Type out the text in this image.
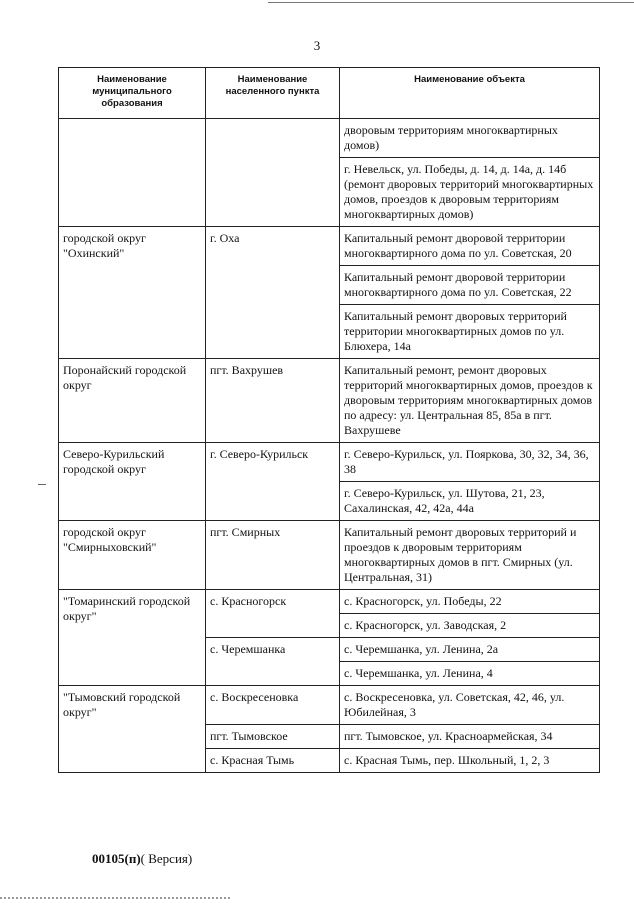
3
Наименование муниципального образования	Наименование населенного пункта	Наименование объекта
		дворовым территориям многоквартирных домов)
		г. Невельск, ул. Победы, д. 14, д. 14а, д. 14б (ремонт дворовых территорий многоквартирных домов, проездов к дворовым территориям многоквартирных домов)
городской округ "Охинский"	г. Оха	Капитальный ремонт дворовой территории многоквартирного дома по ул. Советская, 20
		Капитальный ремонт дворовой территории многоквартирного дома по ул. Советская, 22
		Капитальный ремонт дворовых территорий территории многоквартирных домов по ул. Блюхера, 14а
Поронайский городской округ	пгт. Вахрушев	Капитальный ремонт, ремонт дворовых территорий многоквартирных домов, проездов к дворовым территориям многоквартирных домов по адресу: ул. Центральная 85, 85а в пгт. Вахрушеве
Северо-Курильский городской округ	г. Северо-Курильск	г. Северо-Курильск, ул. Пояркова, 30, 32, 34, 36, 38
		г. Северо-Курильск, ул. Шутова, 21, 23, Сахалинская, 42, 42а, 44а
городской округ "Смирныховский"	пгт. Смирных	Капитальный ремонт дворовых территорий и проездов к дворовым территориям многоквартирных домов в пгт. Смирных (ул. Центральная, 31)
"Томаринский городской округ"	с. Красногорск	с. Красногорск, ул. Победы, 22
		с. Красногорск, ул. Заводская, 2
	с. Черемшанка	с. Черемшанка, ул. Ленина, 2а
		с. Черемшанка, ул. Ленина, 4
"Тымовский городской округ"	с. Воскресеновка	с. Воскресеновка, ул. Советская, 42, 46, ул. Юбилейная, 3
	пгт. Тымовское	пгт. Тымовское, ул. Красноармейская, 34
	с. Красная Тымь	с. Красная Тымь, пер. Школьный, 1, 2, 3
00105(п)( Версия)
